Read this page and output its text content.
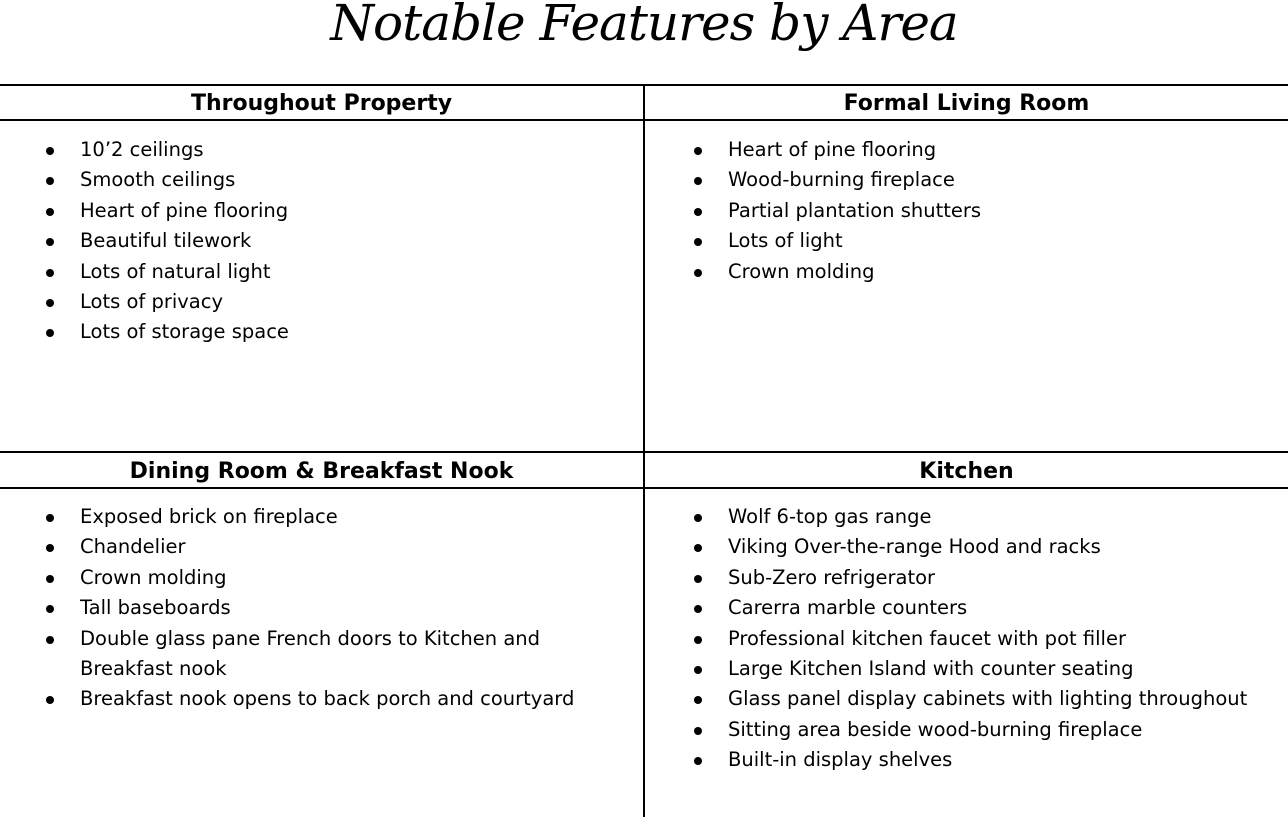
Notable Features by Area
Throughout Property	Formal Living Room
10’2 ceilings
Smooth ceilings
Heart of pine flooring
Beautiful tilework
Lots of natural light
Lots of privacy
Lots of storage space
Heart of pine flooring
Wood-burning fireplace
Partial plantation shutters
Lots of light
Crown molding
Dining Room & Breakfast Nook	Kitchen
Exposed brick on fireplace
Chandelier
Crown molding
Tall baseboards
Double glass pane French doors to Kitchen and Breakfast nook
Breakfast nook opens to back porch and courtyard
Wolf 6-top gas range
Viking Over-the-range Hood and racks
Sub-Zero refrigerator
Carerra marble counters
Professional kitchen faucet with pot filler
Large Kitchen Island with counter seating
Glass panel display cabinets with lighting throughout
Sitting area beside wood-burning fireplace
Built-in display shelves
